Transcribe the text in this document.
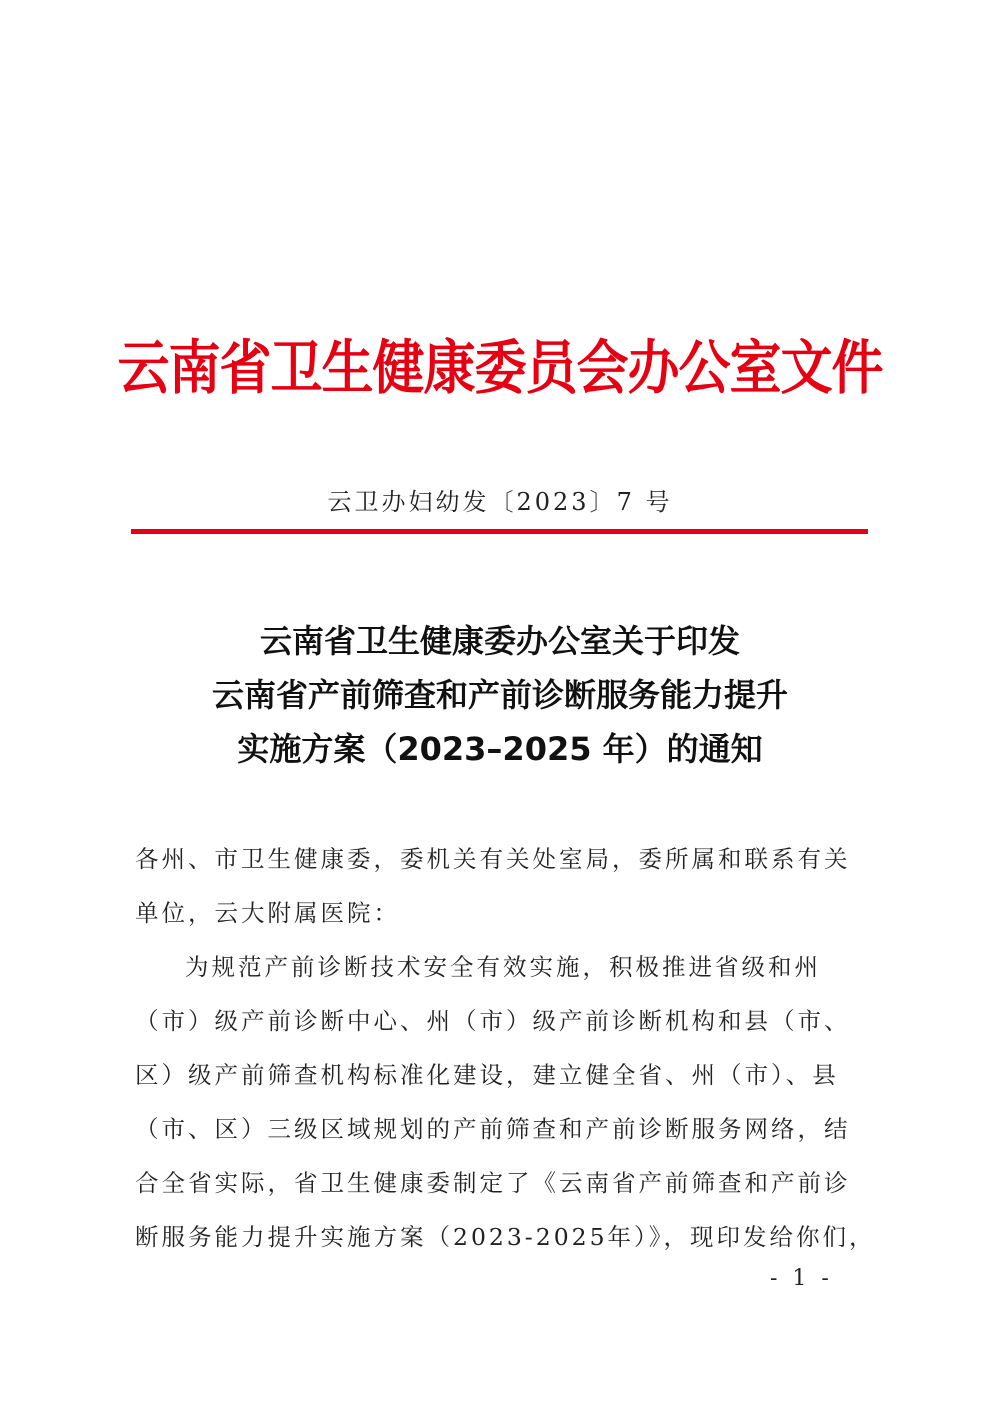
云南省卫生健康委员会办公室文件
云卫办妇幼发〔2023〕7 号
云南省卫生健康委办公室关于印发
云南省产前筛查和产前诊断服务能力提升
实施方案（2023–2025 年）的通知
各州、市卫生健康委，委机关有关处室局，委所属和联系有关
单位，云大附属医院：
为规范产前诊断技术安全有效实施，积极推进省级和州
（市）级产前诊断中心、州（市）级产前诊断机构和县（市、
区）级产前筛查机构标准化建设，建立健全省、州（市）、县
（市、区）三级区域规划的产前筛查和产前诊断服务网络，结
合全省实际，省卫生健康委制定了《云南省产前筛查和产前诊
断服务能力提升实施方案（2023-2025年）》，现印发给你们，
- 1 -
